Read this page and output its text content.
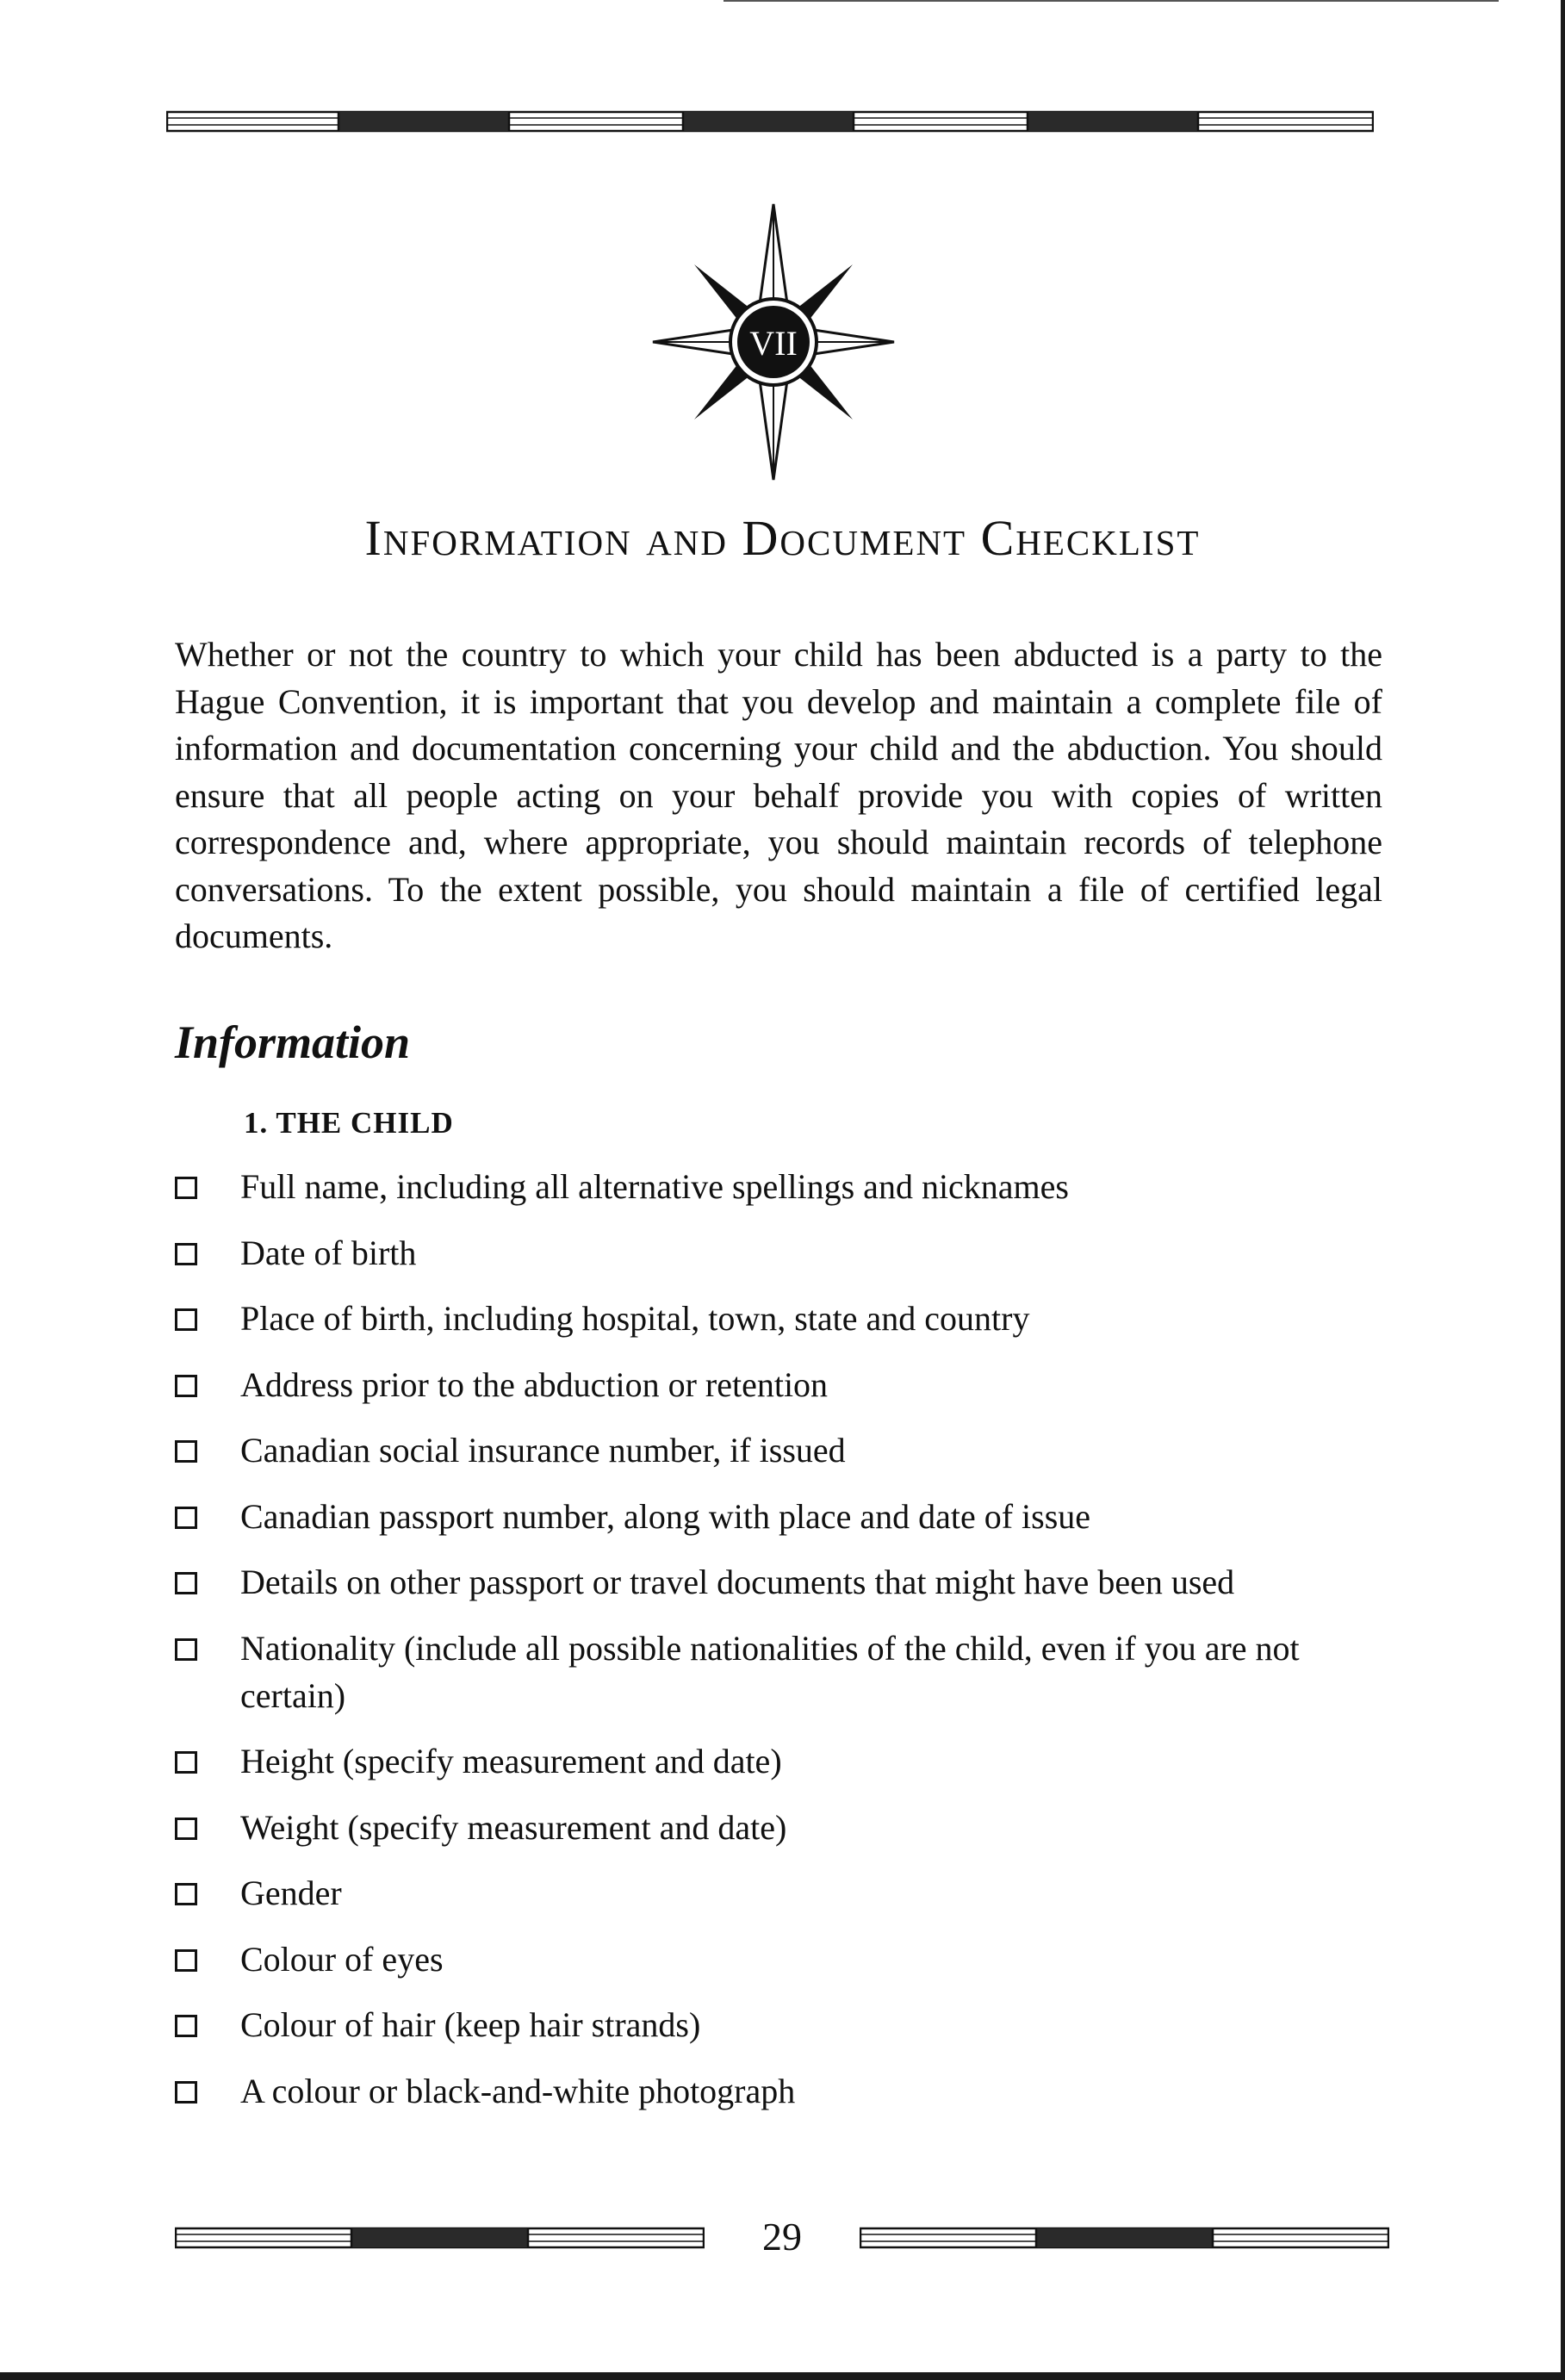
VII
Information and Document Checklist

Whether or not the country to which your child has been abducted is a party to the Hague Convention, it is important that you develop and maintain a complete file of information and documentation concerning your child and the abduction. You should ensure that all people acting on your behalf provide you with copies of written correspondence and, where appropriate, you should maintain records of telephone conversations. To the extent possible, you should maintain a file of certified legal documents.

Information
1. THE CHILD
Full name, including all alternative spellings and nicknames
Date of birth
Place of birth, including hospital, town, state and country
Address prior to the abduction or retention
Canadian social insurance number, if issued
Canadian passport number, along with place and date of issue
Details on other passport or travel documents that might have been used
Nationality (include all possible nationalities of the child, even if you are not certain)
Height (specify measurement and date)
Weight (specify measurement and date)
Gender
Colour of eyes
Colour of hair (keep hair strands)
A colour or black-and-white photograph

29
